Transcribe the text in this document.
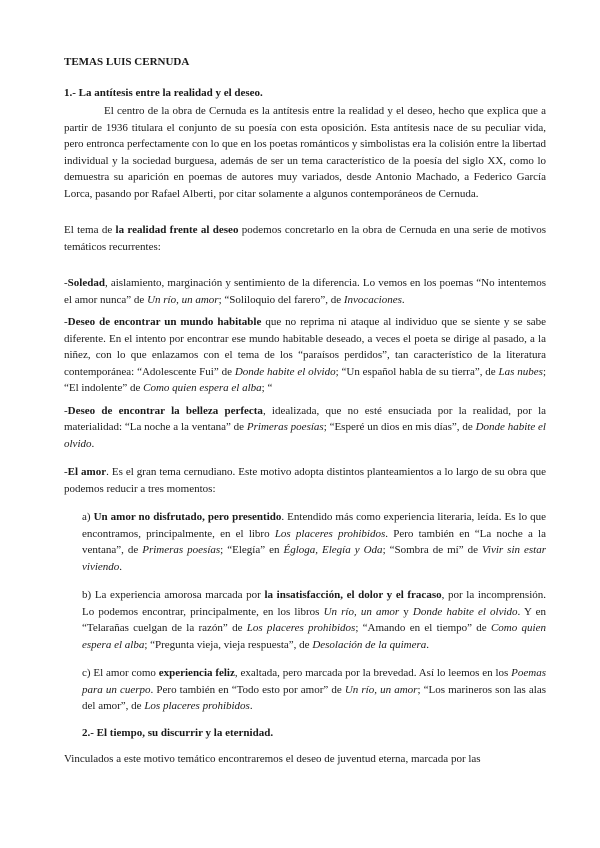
TEMAS LUIS CERNUDA

1.- La antítesis entre la realidad y el deseo.

El centro de la obra de Cernuda es la antítesis entre la realidad y el deseo, hecho que explica que a partir de 1936 titulara el conjunto de su poesía con esta oposición. Esta antítesis nace de su peculiar vida, pero entronca perfectamente con lo que en los poetas románticos y simbolistas era la colisión entre la libertad individual y la sociedad burguesa, además de ser un tema característico de la poesía del siglo XX, como lo demuestra su aparición en poemas de autores muy variados, desde Antonio Machado, a Federico García Lorca, pasando por Rafael Alberti, por citar solamente a algunos contemporáneos de Cernuda.

El tema de la realidad frente al deseo podemos concretarlo en la obra de Cernuda en una serie de motivos temáticos recurrentes:

-Soledad, aislamiento, marginación y sentimiento de la diferencia. Lo vemos en los poemas “No intentemos el amor nunca” de Un río, un amor; “Soliloquio del farero”, de Invocaciones.

-Deseo de encontrar un mundo habitable que no reprima ni ataque al individuo que se siente y se sabe diferente. En el intento por encontrar ese mundo habitable deseado, a veces el poeta se dirige al pasado, a la niñez, con lo que enlazamos con el tema de los “paraísos perdidos”, tan característico de la literatura contemporánea: “Adolescente Fui” de Donde habite el olvido; “Un español habla de su tierra”, de Las nubes; “El indolente” de Como quien espera el alba; “

-Deseo de encontrar la belleza perfecta, idealizada, que no esté ensuciada por la realidad, por la materialidad: “La noche a la ventana” de Primeras poesías; “Esperé un dios en mis días”, de Donde habite el olvido.

-El amor. Es el gran tema cernudiano. Este motivo adopta distintos planteamientos a lo largo de su obra que podemos reducir a tres momentos:

a) Un amor no disfrutado, pero presentido. Entendido más como experiencia literaria, leída. Es lo que encontramos, principalmente, en el libro Los placeres prohibidos. Pero también en “La noche a la ventana”, de Primeras poesías; “Elegía” en Égloga, Elegía y Oda; “Sombra de mí” de Vivir sin estar viviendo.

b) La experiencia amorosa marcada por la insatisfacción, el dolor y el fracaso, por la incomprensión. Lo podemos encontrar, principalmente, en los libros Un río, un amor y Donde habite el olvido. Y en “Telarañas cuelgan de la razón” de Los placeres prohibidos; “Amando en el tiempo” de Como quien espera el alba; “Pregunta vieja, vieja respuesta”, de Desolación de la quimera.

c) El amor como experiencia feliz, exaltada, pero marcada por la brevedad. Así lo leemos en los Poemas para un cuerpo. Pero también en “Todo esto por amor” de Un río, un amor; “Los marineros son las alas del amor”, de Los placeres prohibidos.

2.- El tiempo, su discurrir y la eternidad.

Vinculados a este motivo temático encontraremos el deseo de juventud eterna, marcada por las
